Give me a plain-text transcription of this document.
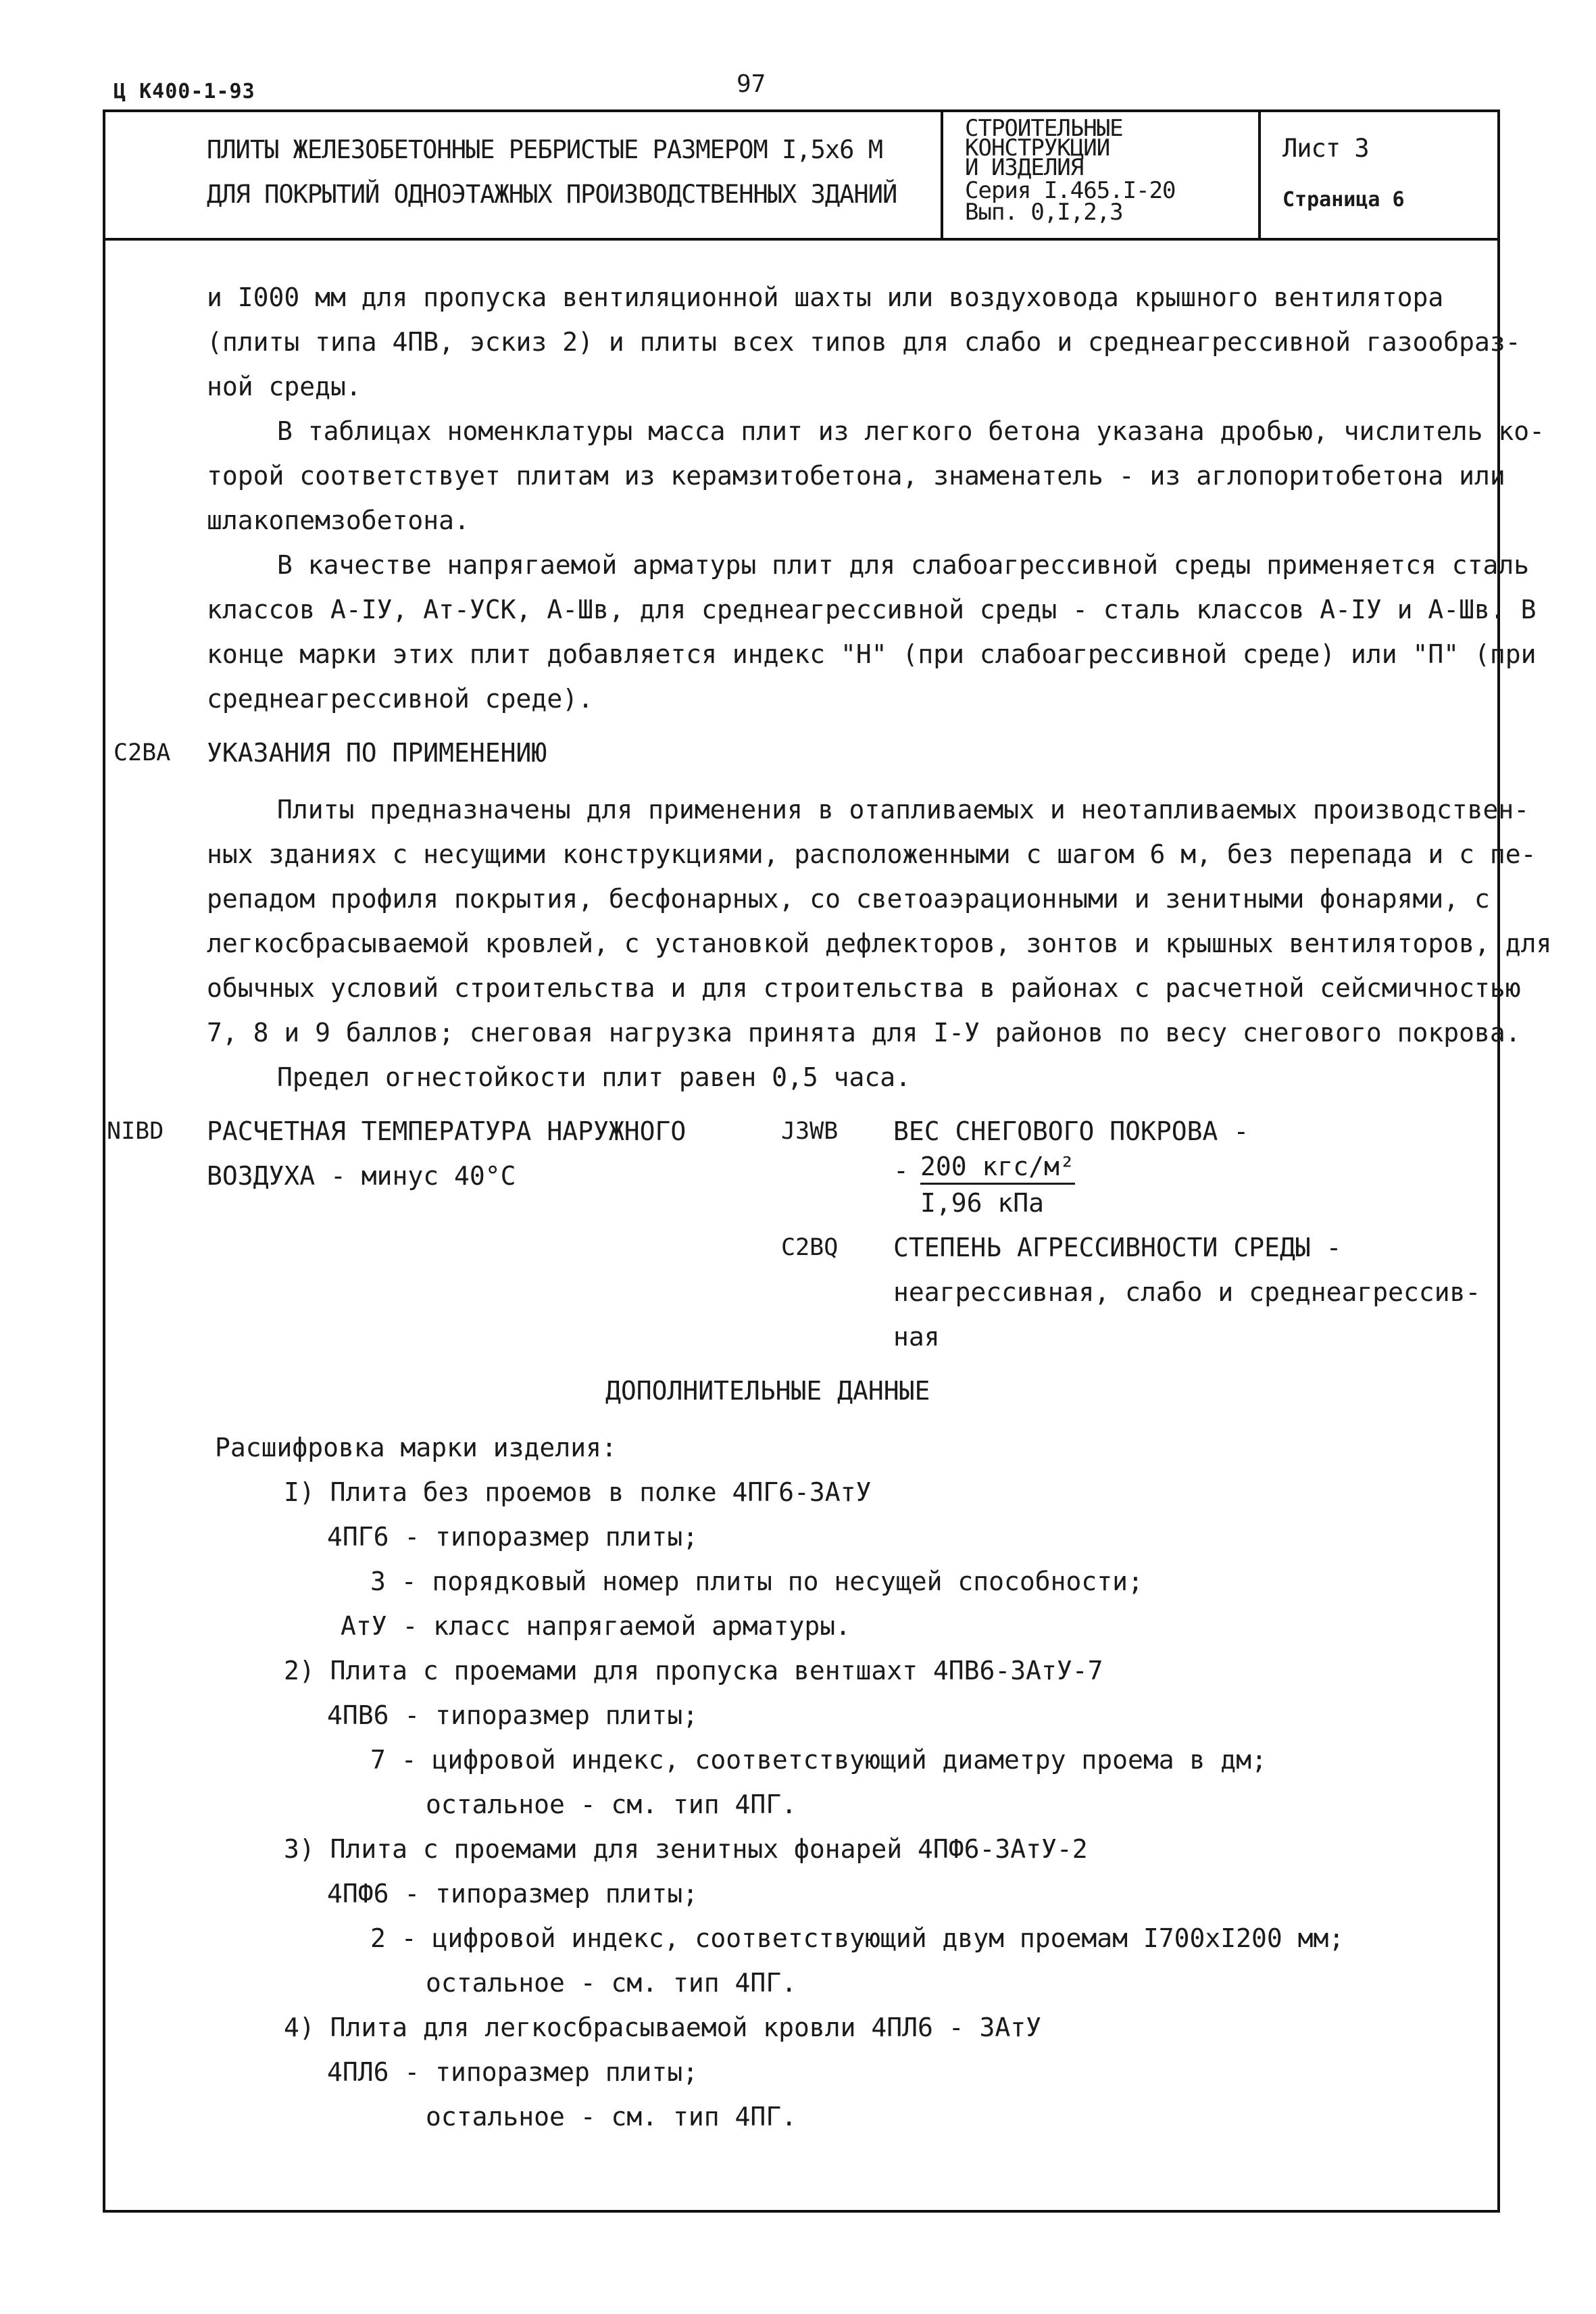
Ц К400-1-93	97
ПЛИТЫ ЖЕЛЕЗОБЕТОННЫЕ РЕБРИСТЫЕ РАЗМЕРОМ I,5х6 М
ДЛЯ ПОКРЫТИЙ ОДНОЭТАЖНЫХ ПРОИЗВОДСТВЕННЫХ ЗДАНИЙ
СТРОИТЕЛЬНЫЕ
КОНСТРУКЦИИ
И ИЗДЕЛИЯ
Серия I.465.I-20
Вып. 0,I,2,3
Лист 3
Страница 6
и I000 мм для пропуска вентиляционной шахты или воздуховода крышного вентилятора
(плиты типа 4ПВ, эскиз 2) и плиты всех типов для слабо и среднеагрессивной газообраз-
ной среды.
В таблицах номенклатуры масса плит из легкого бетона указана дробью, числитель ко-
торой соответствует плитам из керамзитобетона, знаменатель - из аглопоритобетона или
шлакопемзобетона.
В качестве напрягаемой арматуры плит для слабоагрессивной среды применяется сталь
классов А-IУ, Ат-УСК, А-Шв, для среднеагрессивной среды - сталь классов А-IУ и А-Шв. В
конце марки этих плит добавляется индекс "Н" (при слабоагрессивной среде) или "П" (при
среднеагрессивной среде).
С2ВА УКАЗАНИЯ ПО ПРИМЕНЕНИЮ
Плиты предназначены для применения в отапливаемых и неотапливаемых производствен-
ных зданиях с несущими конструкциями, расположенными с шагом 6 м, без перепада и с пе-
репадом профиля покрытия, бесфонарных, со светоаэрационными и зенитными фонарями, с
легкосбрасываемой кровлей, с установкой дефлекторов, зонтов и крышных вентиляторов, для
обычных условий строительства и для строительства в районах с расчетной сейсмичностью
7, 8 и 9 баллов; снеговая нагрузка принята для I-У районов по весу снегового покрова.
Предел огнестойкости плит равен 0,5 часа.
NIBD РАСЧЕТНАЯ ТЕМПЕРАТУРА НАРУЖНОГО
ВОЗДУХА - минус 40°С
J3WB ВЕС СНЕГОВОГО ПОКРОВА -
- 200 кгс/м²
I,96 кПа
С2ВQ СТЕПЕНЬ АГРЕССИВНОСТИ СРЕДЫ -
неагрессивная, слабо и среднеагрессив-
ная
ДОПОЛНИТЕЛЬНЫЕ ДАННЫЕ
Расшифровка марки изделия:
I) Плита без проемов в полке 4ПГ6-3АтУ
4ПГ6 - типоразмер плиты;
3 - порядковый номер плиты по несущей способности;
АтУ - класс напрягаемой арматуры.
2) Плита с проемами для пропуска вентшахт 4ПВ6-3АтУ-7
4ПВ6 - типоразмер плиты;
7 - цифровой индекс, соответствующий диаметру проема в дм;
остальное - см. тип 4ПГ.
3) Плита с проемами для зенитных фонарей 4ПФ6-3АтУ-2
4ПФ6 - типоразмер плиты;
2 - цифровой индекс, соответствующий двум проемам I700хI200 мм;
остальное - см. тип 4ПГ.
4) Плита для легкосбрасываемой кровли 4ПЛ6 - 3АтУ
4ПЛ6 - типоразмер плиты;
остальное - см. тип 4ПГ.
